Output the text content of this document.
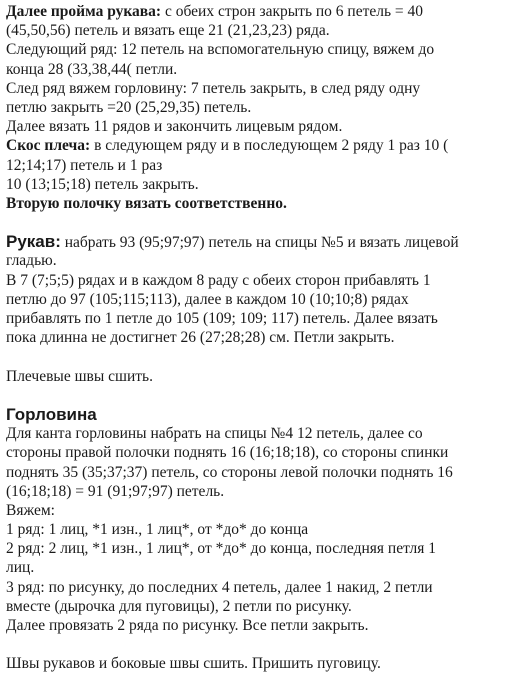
Далее пройма рукава: с обеих строн закрыть по 6 петель = 40
(45,50,56) петель и вязать еще 21 (21,23,23) ряда.
Следующий ряд: 12 петель на вспомогательную спицу, вяжем до
конца 28 (33,38,44( петли.
След ряд вяжем горловину: 7 петель закрыть, в след ряду одну
петлю закрыть =20 (25,29,35) петель.
Далее вязать 11 рядов и закончить лицевым рядом.
Скос плеча: в следующем ряду и в последующем 2 ряду 1 раз 10 (
12;14;17) петель и 1 раз
10 (13;15;18) петель закрыть.
Вторую полочку вязать соответственно.
Рукав: набрать 93 (95;97;97) петель на спицы №5 и вязать лицевой
гладью.
В 7 (7;5;5) рядах и в каждом 8 раду с обеих сторон прибавлять 1
петлю до 97 (105;115;113), далее в каждом 10 (10;10;8) рядах
прибавлять по 1 петле до 105 (109; 109; 117) петель. Далее вязать
пока длинна не достигнет 26 (27;28;28) см. Петли закрыть.
Плечевые швы сшить.
Горловина
Для канта горловины набрать на спицы №4 12 петель, далее со
стороны правой полочки поднять 16 (16;18;18), со стороны спинки
поднять 35 (35;37;37) петель, со стороны левой полочки поднять 16
(16;18;18) = 91 (91;97;97) петель.
Вяжем:
1 ряд: 1 лиц, *1 изн., 1 лиц*, от *до* до конца
2 ряд: 2 лиц, *1 изн., 1 лиц*, от *до* до конца, последняя петля 1
лиц.
3 ряд: по рисунку, до последних 4 петель, далее 1 накид, 2 петли
вместе (дырочка для пуговицы), 2 петли по рисунку.
Далее провязать 2 ряда по рисунку. Все петли закрыть.
Швы рукавов и боковые швы сшить. Пришить пуговицу.
